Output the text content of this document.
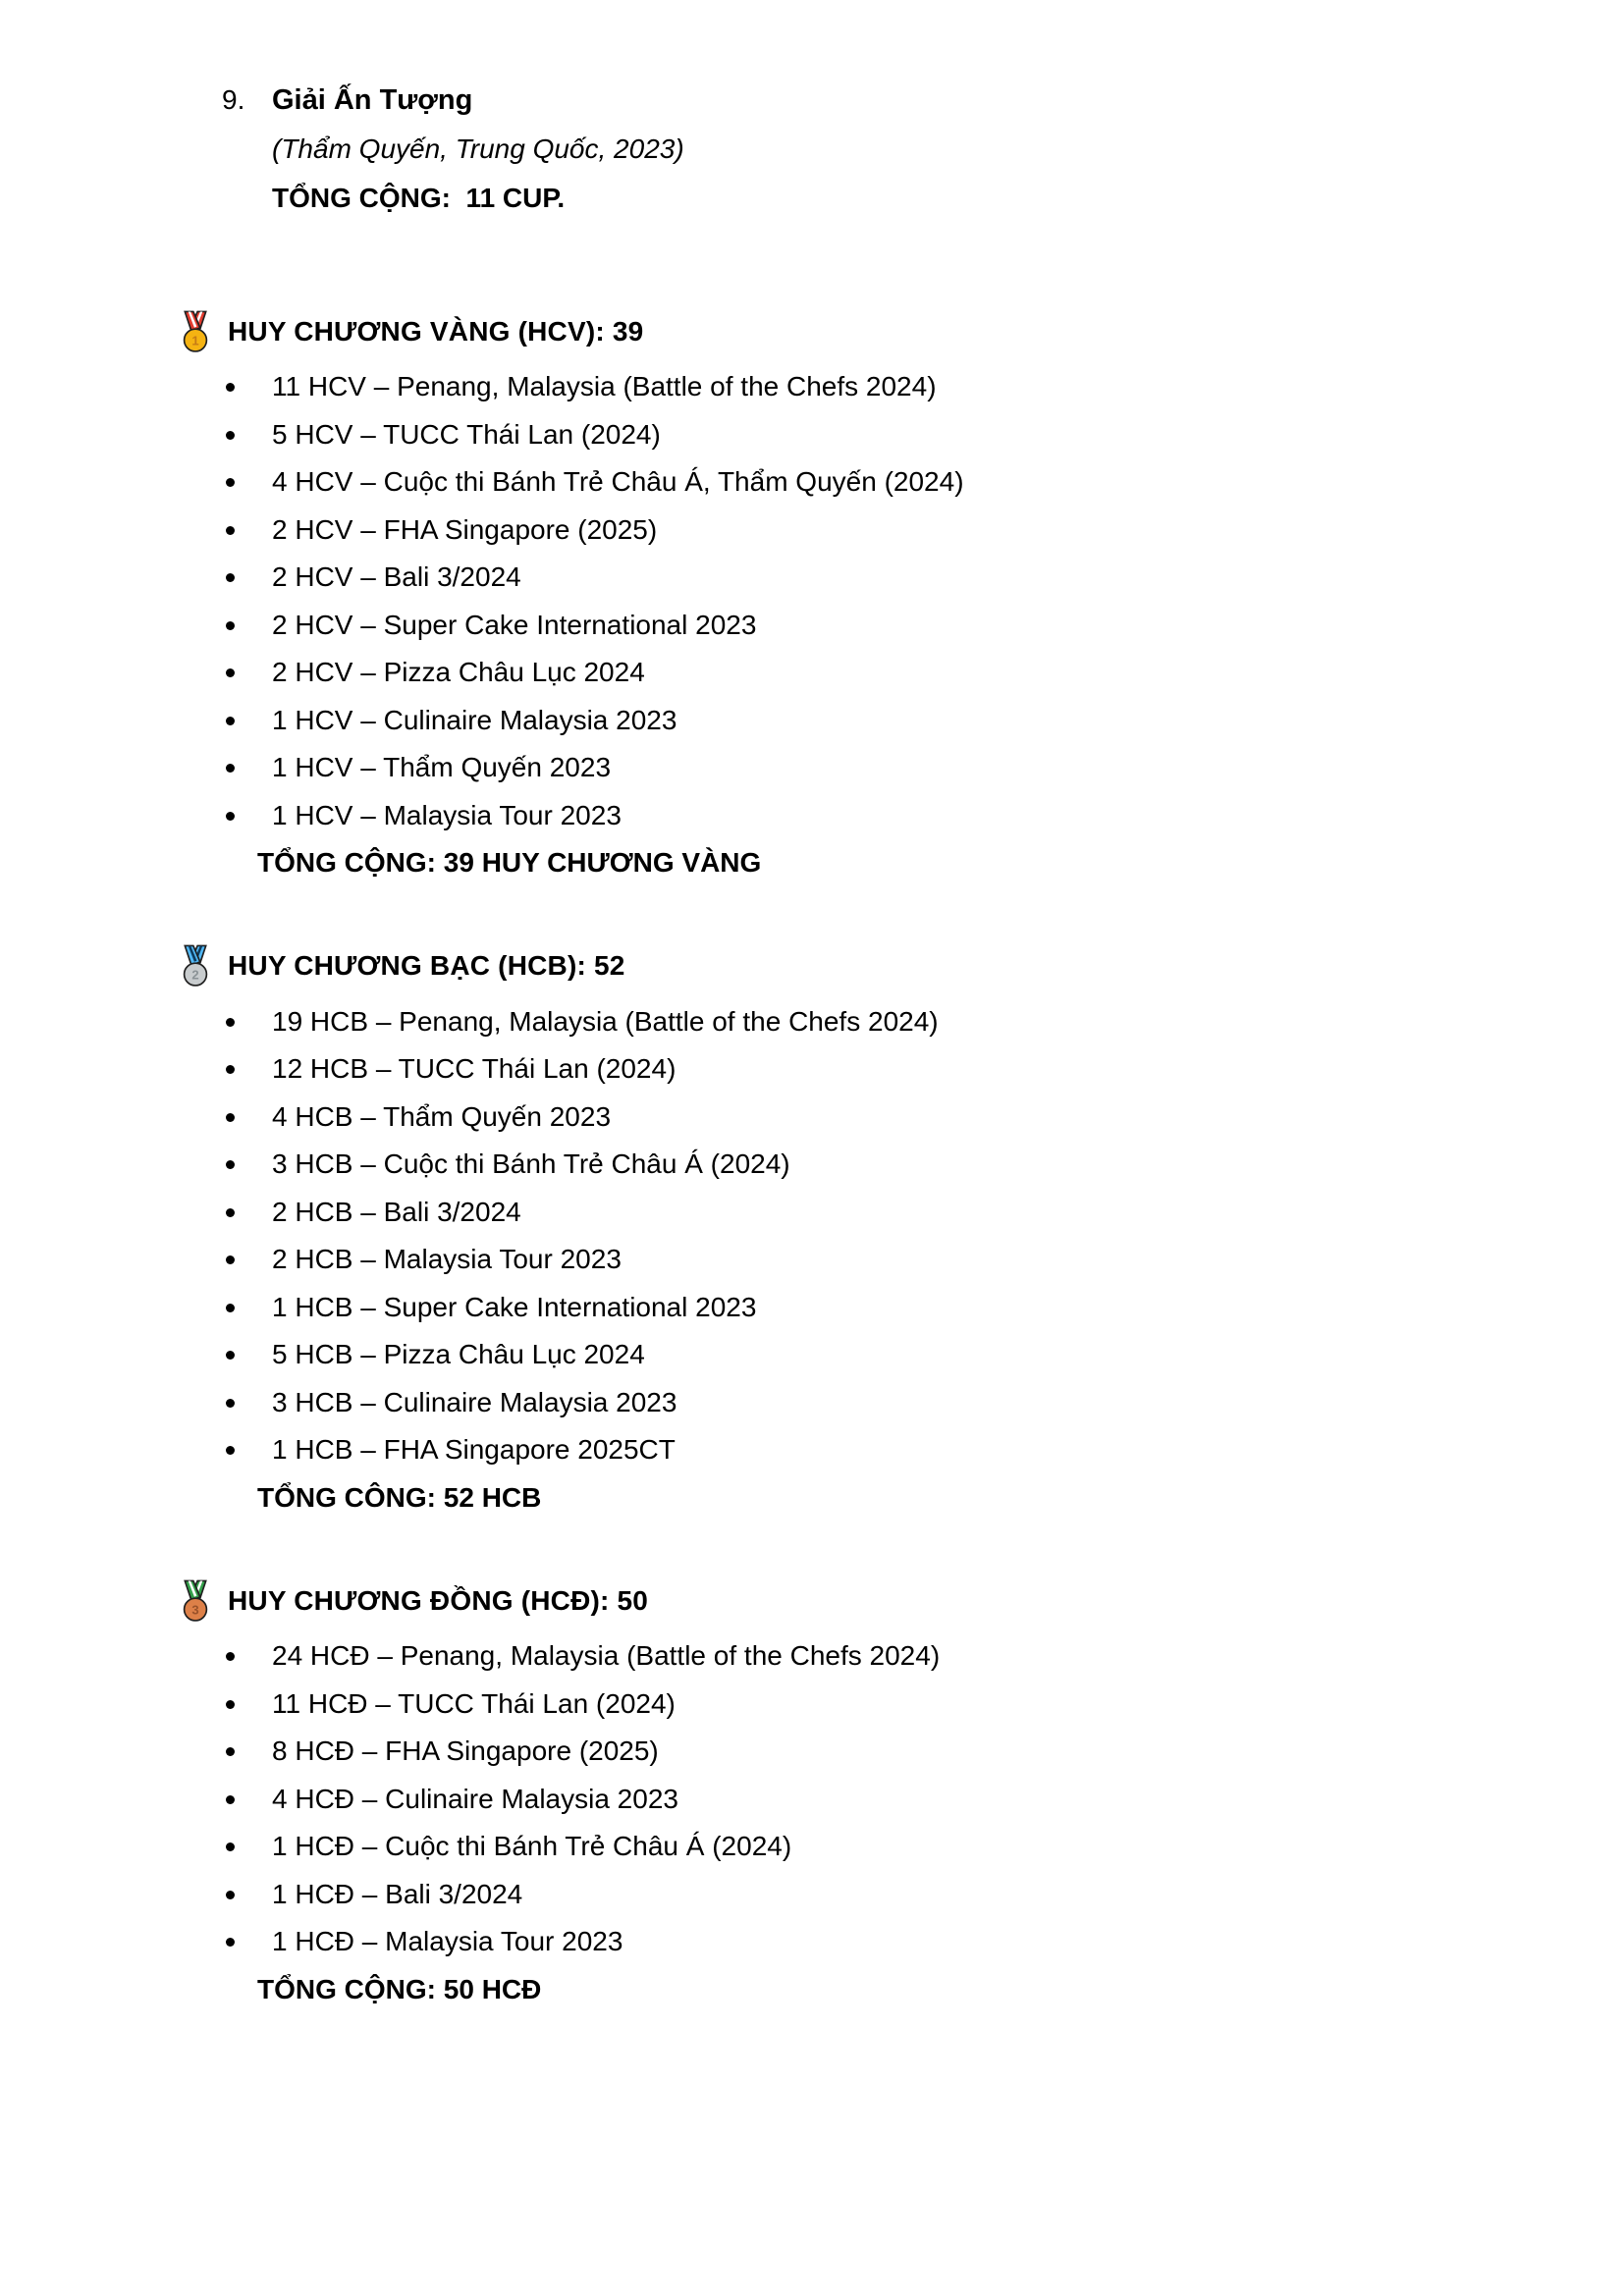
9. Giải Ấn Tượng
(Thẩm Quyến, Trung Quốc, 2023)
TỔNG CỘNG:  11 CUP.
1 HUY CHƯƠNG VÀNG (HCV): 39
11 HCV – Penang, Malaysia (Battle of the Chefs 2024)
5 HCV – TUCC Thái Lan (2024)
4 HCV – Cuộc thi Bánh Trẻ Châu Á, Thẩm Quyến (2024)
2 HCV – FHA Singapore (2025)
2 HCV – Bali 3/2024
2 HCV – Super Cake International 2023
2 HCV – Pizza Châu Lục 2024
1 HCV – Culinaire Malaysia 2023
1 HCV – Thẩm Quyến 2023
1 HCV – Malaysia Tour 2023
TỔNG CỘNG: 39 HUY CHƯƠNG VÀNG
2 HUY CHƯƠNG BẠC (HCB): 52
19 HCB – Penang, Malaysia (Battle of the Chefs 2024)
12 HCB – TUCC Thái Lan (2024)
4 HCB – Thẩm Quyến 2023
3 HCB – Cuộc thi Bánh Trẻ Châu Á (2024)
2 HCB – Bali 3/2024
2 HCB – Malaysia Tour 2023
1 HCB – Super Cake International 2023
5 HCB – Pizza Châu Lục 2024
3 HCB – Culinaire Malaysia 2023
1 HCB – FHA Singapore 2025CT
TỔNG CÔNG: 52 HCB
3 HUY CHƯƠNG ĐỒNG (HCĐ): 50
24 HCĐ – Penang, Malaysia (Battle of the Chefs 2024)
11 HCĐ – TUCC Thái Lan (2024)
8 HCĐ – FHA Singapore (2025)
4 HCĐ – Culinaire Malaysia 2023
1 HCĐ – Cuộc thi Bánh Trẻ Châu Á (2024)
1 HCĐ – Bali 3/2024
1 HCĐ – Malaysia Tour 2023
TỔNG CỘNG: 50 HCĐ
